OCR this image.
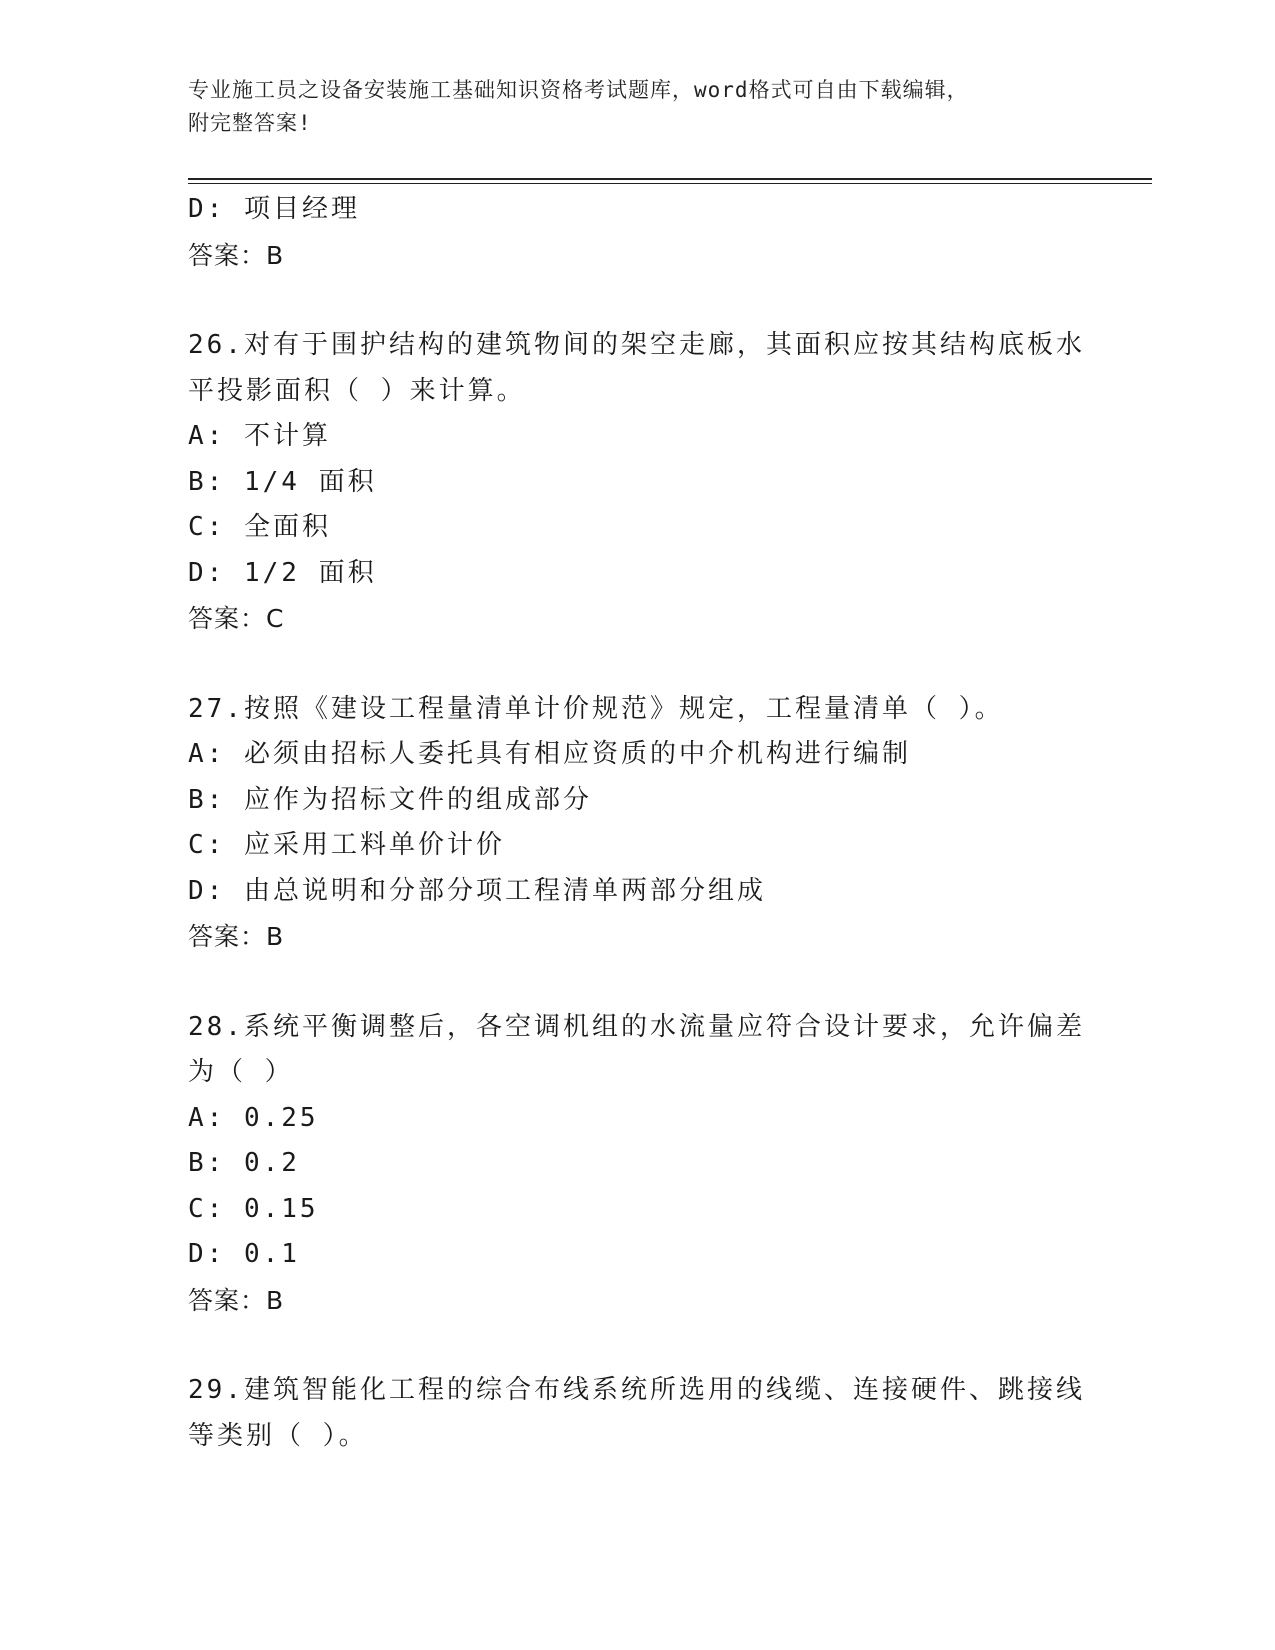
专业施工员之设备安装施工基础知识资格考试题库，word格式可自由下载编辑，
附完整答案!
D: 项目经理
答案：B
26.对有于围护结构的建筑物间的架空走廊，其面积应按其结构底板水
平投影面积（ ）来计算。
A: 不计算
B: 1/4 面积
C: 全面积
D: 1/2 面积
答案：C
27.按照《建设工程量清单计价规范》规定，工程量清单（ ）。
A: 必须由招标人委托具有相应资质的中介机构进行编制
B: 应作为招标文件的组成部分
C: 应采用工料单价计价
D: 由总说明和分部分项工程清单两部分组成
答案：B
28.系统平衡调整后，各空调机组的水流量应符合设计要求，允许偏差
为（ ）
A: 0.25
B: 0.2
C: 0.15
D: 0.1
答案：B
29.建筑智能化工程的综合布线系统所选用的线缆、连接硬件、跳接线
等类别（ ）。
